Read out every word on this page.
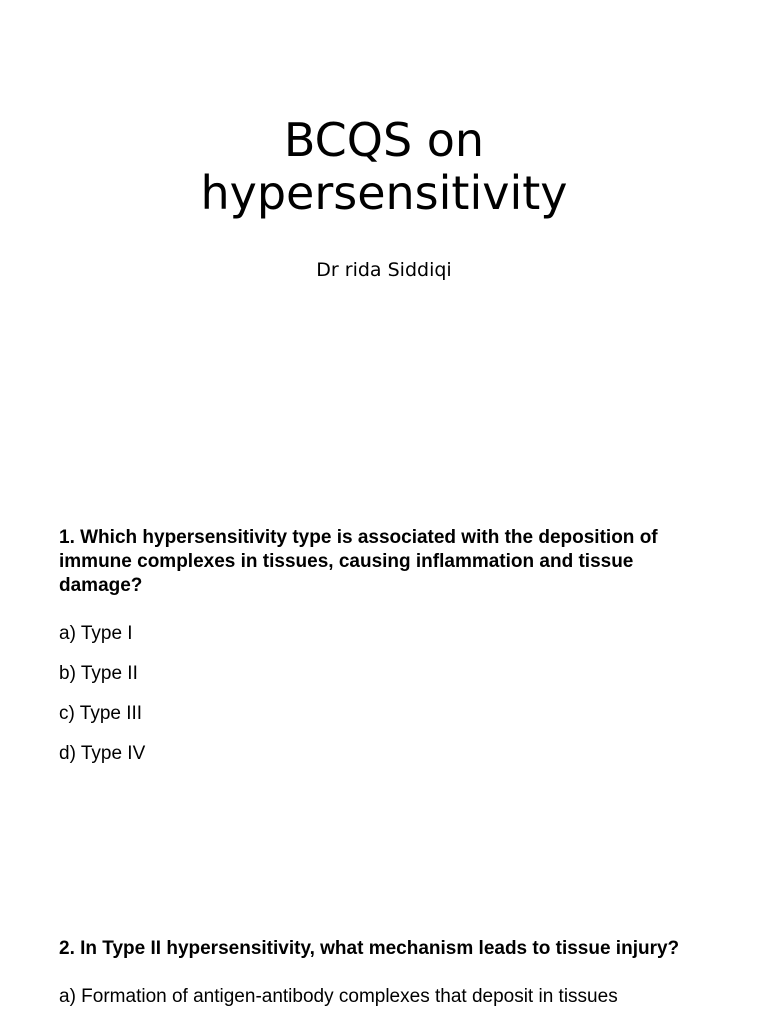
BCQS on
hypersensitivity
Dr rida Siddiqi

1. Which hypersensitivity type is associated with the deposition of immune complexes in tissues, causing inflammation and tissue damage?

a) Type I
b) Type II
c) Type III
d) Type IV

2. In Type II hypersensitivity, what mechanism leads to tissue injury?

a) Formation of antigen-antibody complexes that deposit in tissues
